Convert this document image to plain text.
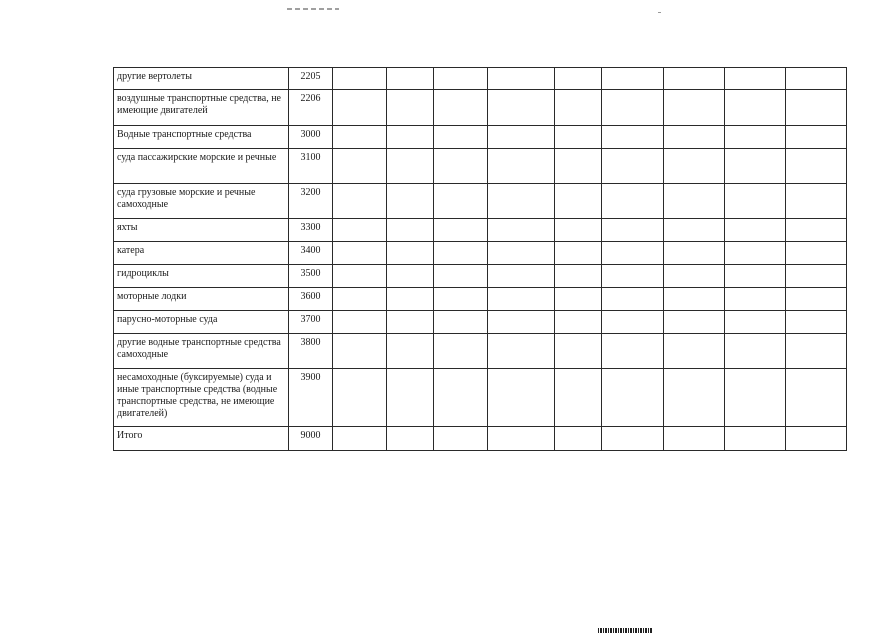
другие вертолеты	2205									
воздушные транспортные средства, не имеющие двигателей	2206									
Водные транспортные средства	3000									
суда пассажирские морские и речные	3100									
суда грузовые морские и речные самоходные	3200									
яхты	3300									
катера	3400									
гидроциклы	3500									
моторные лодки	3600									
парусно-моторные суда	3700									
другие водные транспортные средства самоходные	3800									
несамоходные (буксируемые) суда и иные транспортные средства (водные транспортные средства, не имеющие двигателей)	3900									
Итого	9000									
